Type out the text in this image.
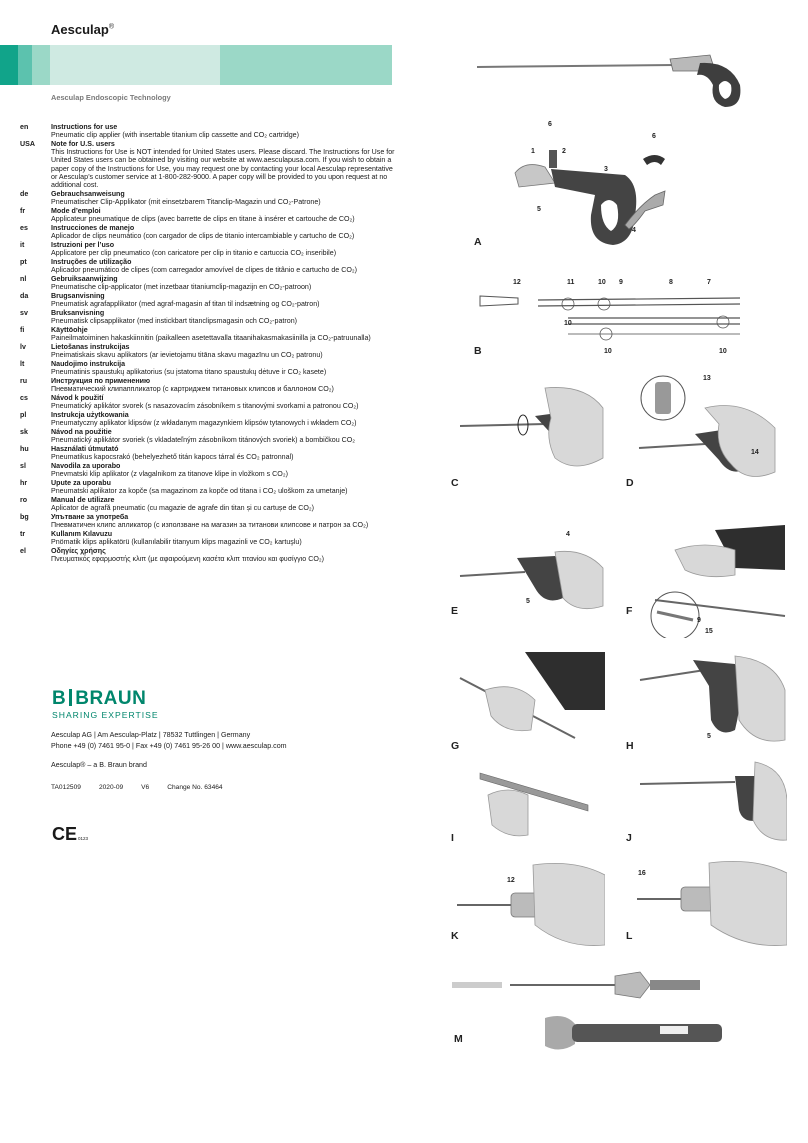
Aesculap®
Aesculap Endoscopic Technology
en	Instructions for use
Pneumatic clip applier (with insertable titanium clip cassette and CO₂ cartridge)
USA Note for U.S. users
This Instructions for Use is NOT intended for United States users. Please discard. The Instructions for Use for United States users can be obtained by visiting our website at www.aesculapusa.com. If you wish to obtain a paper copy of the Instructions for Use, you may request one by contacting your local Aesculap representative or Aesculap’s customer service at 1-800-282-9000. A paper copy will be provided to you upon request at no additional cost.
de	Gebrauchsanweisung
Pneumatischer Clip-Applikator (mit einsetzbarem Titanclip-Magazin und CO₂-Patrone)
fr	Mode d’emploi
Applicateur pneumatique de clips (avec barrette de clips en titane à insérer et cartouche de CO₂)
es	Instrucciones de manejo
Aplicador de clips neumático (con cargador de clips de titanio intercambiable y cartucho de CO₂)
it	Istruzioni per l’uso
Applicatore per clip pneumatico (con caricatore per clip in titanio e cartuccia CO₂ inseribile)
pt	Instruções de utilização
Aplicador pneumático de clipes (com carregador amovível de clipes de titânio e cartucho de CO₂)
nl	Gebruiksaanwijzing
Pneumatische clip-applicator (met inzetbaar titaniumclip-magazijn en CO₂-patroon)
da	Brugsanvisning
Pneumatisk agrafapplikator (med agraf-magasin af titan til indsætning og CO₂-patron)
sv	Bruksanvisning
Pneumatisk clipsapplikator (med instickbart titanclipsmagasin och CO₂-patron)
fi	Käyttöohje
Paineilmatoiminen hakaskiinnitin (paikalleen asetettavalla titaanihakasmakasiinilla ja CO₂-patruunalla)
lv	Lietošanas instrukcijas
Pneimatiskais skavu aplikators (ar ievietojamu titāna skavu magazīnu un CO₂ patronu)
lt	Naudojimo instrukcija
Pneumatinis spaustukų aplikatorius (su įstatoma titano spaustukų dėtuve ir CO₂ kasete)
ru	Инструкция по применению
Пневматический клипаппликатор (с картриджем титановых клипсов и баллоном CO₂)
cs	Návod k použití
Pneumatický aplikátor svorek (s nasazovacím zásobníkem s titanovými svorkami a patronou CO₂)
pl	Instrukcja użytkowania
Pneumatyczny aplikator klipsów (z wkładanym magazynkiem klipsów tytanowych i wkładem CO₂)
sk	Návod na použitie
Pneumatický aplikátor svoriek (s vkladateľným zásobníkom titánových svoriek) a bombičkou CO₂
hu	Használati útmutató
Pneumatikus kapocsrakó (behelyezhető titán kapocs tárral és CO₂ patronnal)
sl	Navodila za uporabo
Pnevmatski klip aplikator (z vlagalnikom za titanove klipe in vložkom s CO₂)
hr	Upute za uporabu
Pneumatski aplikator za kopče (sa magazinom za kopče od titana i CO₂ uloškom za umetanje)
ro	Manual de utilizare
Aplicator de agrafă pneumatic (cu magazie de agrafe din titan și cu cartușe de CO₂)
bg	Упътване за употреба
Пневматичен клипс апликатор (с използване на магазин за титанови клипсове и патрон за CO₂)
tr	Kullanım Kılavuzu
Pnömatik klips aplikatörü (kullanılabilir titanyum klips magazinli ve CO₂ kartuşlu)
el	Οδηγίες χρήσης
Πνευματικός εφαρμοστής κλιπ (με αφαιρούμενη κασέτα κλιπ τιτανίου και φυσίγγιο CO₂)
B BRAUN
SHARING EXPERTISE
Aesculap AG | Am Aesculap-Platz | 78532 Tuttlingen | Germany
Phone +49 (0) 7461 95-0 | Fax +49 (0) 7461 95-26 00 | www.aesculap.com
Aesculap® – a B. Braun brand
TA012509	2020-09	V6	Change No. 63464
CE0123
6
1	2
3
5
4
6
A
12	11
10
9	8	7
10
10	10
B
C
13
14
D
4
5
E
9
15
F
G
5
H
I	J
12
K
16
L
M
